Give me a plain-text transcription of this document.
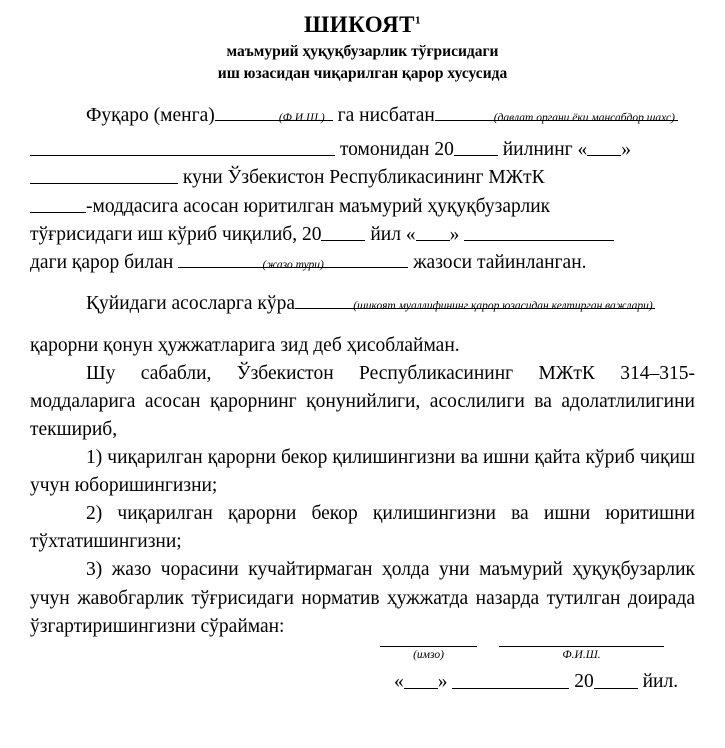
ШИКОЯТ$^1$
маъмурий ҳуқуқбузарлик тўғрисидаги
иш юзасидан чиқарилган қарор хусусида

Фуқаро (менга)	(Ф.И.Ш.) га нисбатан	(давлат органи ёки мансабдор шахс)

томонидан 20	йилнинг « »

куни Ўзбекистон Республикасининг МЖтК

-моддасига асосан юритилган маъмурий ҳуқуқбузарлик

тўғрисидаги иш кўриб чиқилиб, 20	йил « »

даги қарор билан	(жазо тури)	жазоси тайинланган.

Қуйидаги асосларга кўра	(шикоят муаллифининг қарор юзасидан келтирган важлари)

қарорни қонун ҳужжатларига зид деб ҳисоблайман.

Шу сабабли, Ўзбекистон Республикасининг МЖтК 314–315-моддаларига асосан қарорнинг қонунийлиги, асослилиги ва адолатлилигини текшириб,

1) чиқарилган қарорни бекор қилишингизни ва ишни қайта кўриб чиқиш учун юборишингизни;

2) чиқарилган қарорни бекор қилишингизни ва ишни юритишни тўхтатишингизни;

3) жазо чорасини кучайтирмаган ҳолда уни маъмурий ҳуқуқбузарлик учун жавобгарлик тўғрисидаги норматив ҳужжатда назарда тутилган доирада ўзгартиришингизни сўрайман:

(имзо)	Ф.И.Ш.
« »	20	йил.
